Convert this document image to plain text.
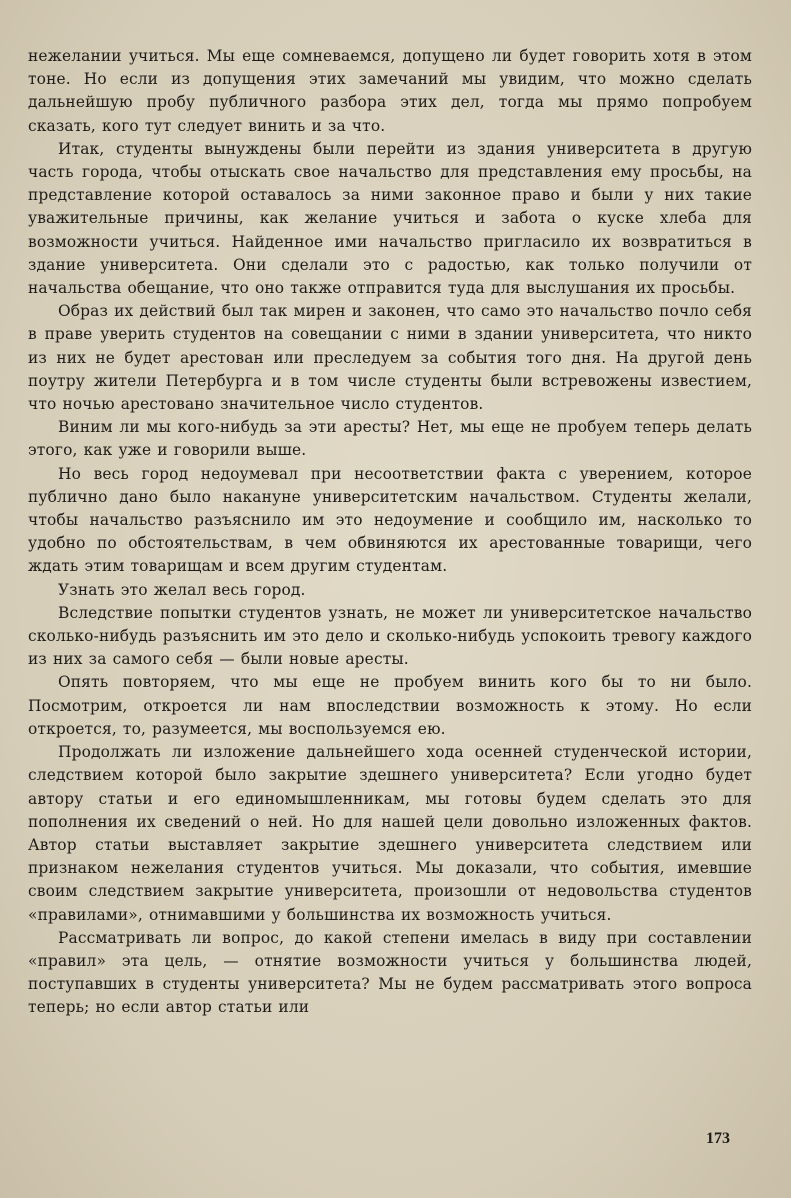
нежелании учиться. Мы еще сомневаемся, допущено ли будет говорить хотя в этом тоне. Но если из допущения этих замечаний мы увидим, что можно сделать дальнейшую пробу публичного разбора этих дел, тогда мы прямо попробуем сказать, кого тут следует винить и за что.

Итак, студенты вынуждены были перейти из здания университета в другую часть города, чтобы отыскать свое начальство для представления ему просьбы, на представление которой оставалось за ними законное право и были у них такие уважительные причины, как желание учиться и забота о куске хлеба для возможности учиться. Найденное ими начальство пригласило их возвратиться в здание университета. Они сделали это с радостью, как только получили от начальства обещание, что оно также отправится туда для выслушания их просьбы.

Образ их действий был так мирен и законен, что само это начальство почло себя в праве уверить студентов на совещании с ними в здании университета, что никто из них не будет арестован или преследуем за события того дня. На другой день поутру жители Петербурга и в том числе студенты были встревожены известием, что ночью арестовано значительное число студентов.

Виним ли мы кого-нибудь за эти аресты? Нет, мы еще не пробуем теперь делать этого, как уже и говорили выше.

Но весь город недоумевал при несоответствии факта с уверением, которое публично дано было накануне университетским начальством. Студенты желали, чтобы начальство разъяснило им это недоумение и сообщило им, насколько то удобно по обстоятельствам, в чем обвиняются их арестованные товарищи, чего ждать этим товарищам и всем другим студентам.

Узнать это желал весь город.

Вследствие попытки студентов узнать, не может ли университетское начальство сколько-нибудь разъяснить им это дело и сколько-нибудь успокоить тревогу каждого из них за самого себя — были новые аресты.

Опять повторяем, что мы еще не пробуем винить кого бы то ни было. Посмотрим, откроется ли нам впоследствии возможность к этому. Но если откроется, то, разумеется, мы воспользуемся ею.

Продолжать ли изложение дальнейшего хода осенней студенческой истории, следствием которой было закрытие здешнего университета? Если угодно будет автору статьи и его единомышленникам, мы готовы будем сделать это для пополнения их сведений о ней. Но для нашей цели довольно изложенных фактов. Автор статьи выставляет закрытие здешнего университета следствием или признаком нежелания студентов учиться. Мы доказали, что события, имевшие своим следствием закрытие университета, произошли от недовольства студентов «правилами», отнимавшими у большинства их возможность учиться.

Рассматривать ли вопрос, до какой степени имелась в виду при составлении «правил» эта цель, — отнятие возможности учиться у большинства людей, поступавших в студенты университета? Мы не будем рассматривать этого вопроса теперь; но если автор статьи или

173
